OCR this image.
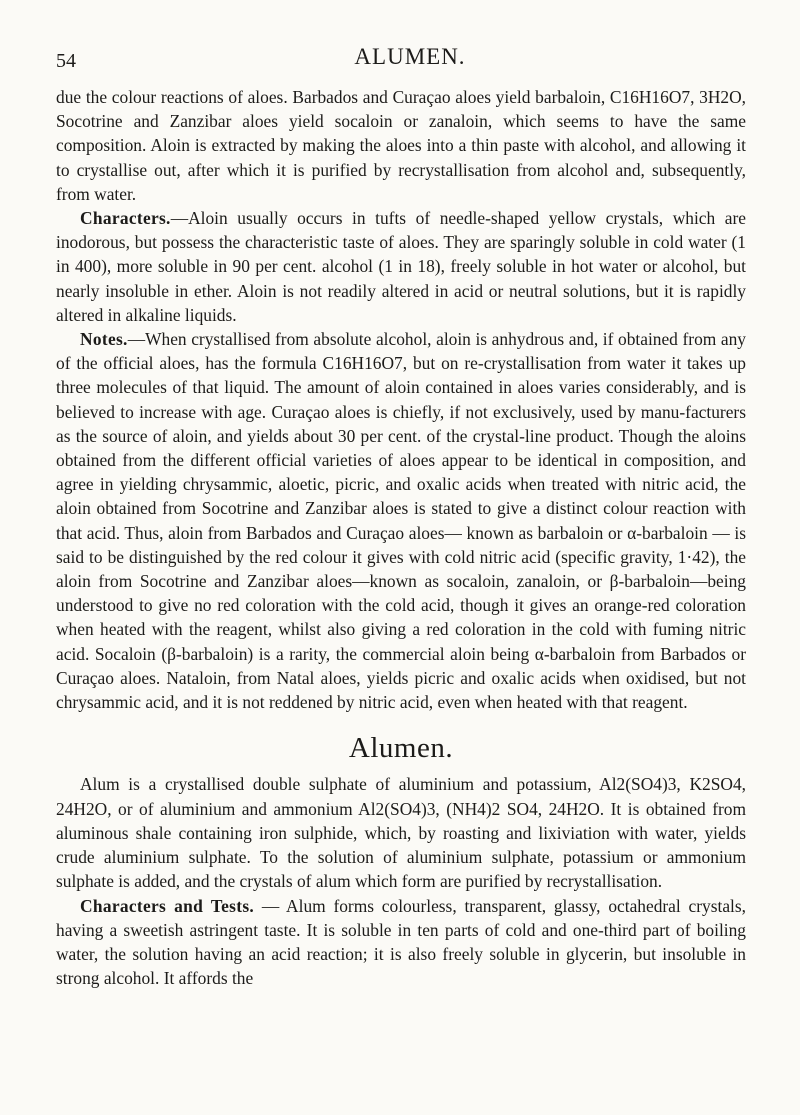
54	ALUMEN.

due the colour reactions of aloes. Barbados and Curaçao aloes yield barbaloin, C16H16O7, 3H2O, Socotrine and Zanzibar aloes yield socaloin or zanaloin, which seems to have the same composition. Aloin is extracted by making the aloes into a thin paste with alcohol, and allowing it to crystallise out, after which it is purified by recrystallisation from alcohol and, subsequently, from water.

Characters.—Aloin usually occurs in tufts of needle-shaped yellow crystals, which are inodorous, but possess the characteristic taste of aloes. They are sparingly soluble in cold water (1 in 400), more soluble in 90 per cent. alcohol (1 in 18), freely soluble in hot water or alcohol, but nearly insoluble in ether. Aloin is not readily altered in acid or neutral solutions, but it is rapidly altered in alkaline liquids.

Notes.—When crystallised from absolute alcohol, aloin is anhydrous and, if obtained from any of the official aloes, has the formula C16H16O7, but on re-crystallisation from water it takes up three molecules of that liquid. The amount of aloin contained in aloes varies considerably, and is believed to increase with age. Curaçao aloes is chiefly, if not exclusively, used by manu-facturers as the source of aloin, and yields about 30 per cent. of the crystal-line product. Though the aloins obtained from the different official varieties of aloes appear to be identical in composition, and agree in yielding chrysammic, aloetic, picric, and oxalic acids when treated with nitric acid, the aloin obtained from Socotrine and Zanzibar aloes is stated to give a distinct colour reaction with that acid. Thus, aloin from Barbados and Curaçao aloes— known as barbaloin or α-barbaloin — is said to be distinguished by the red colour it gives with cold nitric acid (specific gravity, 1·42), the aloin from Socotrine and Zanzibar aloes—known as socaloin, zanaloin, or β-barbaloin—being understood to give no red coloration with the cold acid, though it gives an orange-red coloration when heated with the reagent, whilst also giving a red coloration in the cold with fuming nitric acid. Socaloin (β-barbaloin) is a rarity, the commercial aloin being α-barbaloin from Barbados or Curaçao aloes. Nataloin, from Natal aloes, yields picric and oxalic acids when oxidised, but not chrysammic acid, and it is not reddened by nitric acid, even when heated with that reagent.

Alumen.

Alum is a crystallised double sulphate of aluminium and potassium, Al2(SO4)3, K2SO4, 24H2O, or of aluminium and ammonium Al2(SO4)3, (NH4)2 SO4, 24H2O. It is obtained from aluminous shale containing iron sulphide, which, by roasting and lixiviation with water, yields crude aluminium sulphate. To the solution of aluminium sulphate, potassium or ammonium sulphate is added, and the crystals of alum which form are purified by recrystallisation.

Characters and Tests. — Alum forms colourless, transparent, glassy, octahedral crystals, having a sweetish astringent taste. It is soluble in ten parts of cold and one-third part of boiling water, the solution having an acid reaction; it is also freely soluble in glycerin, but insoluble in strong alcohol. It affords the
